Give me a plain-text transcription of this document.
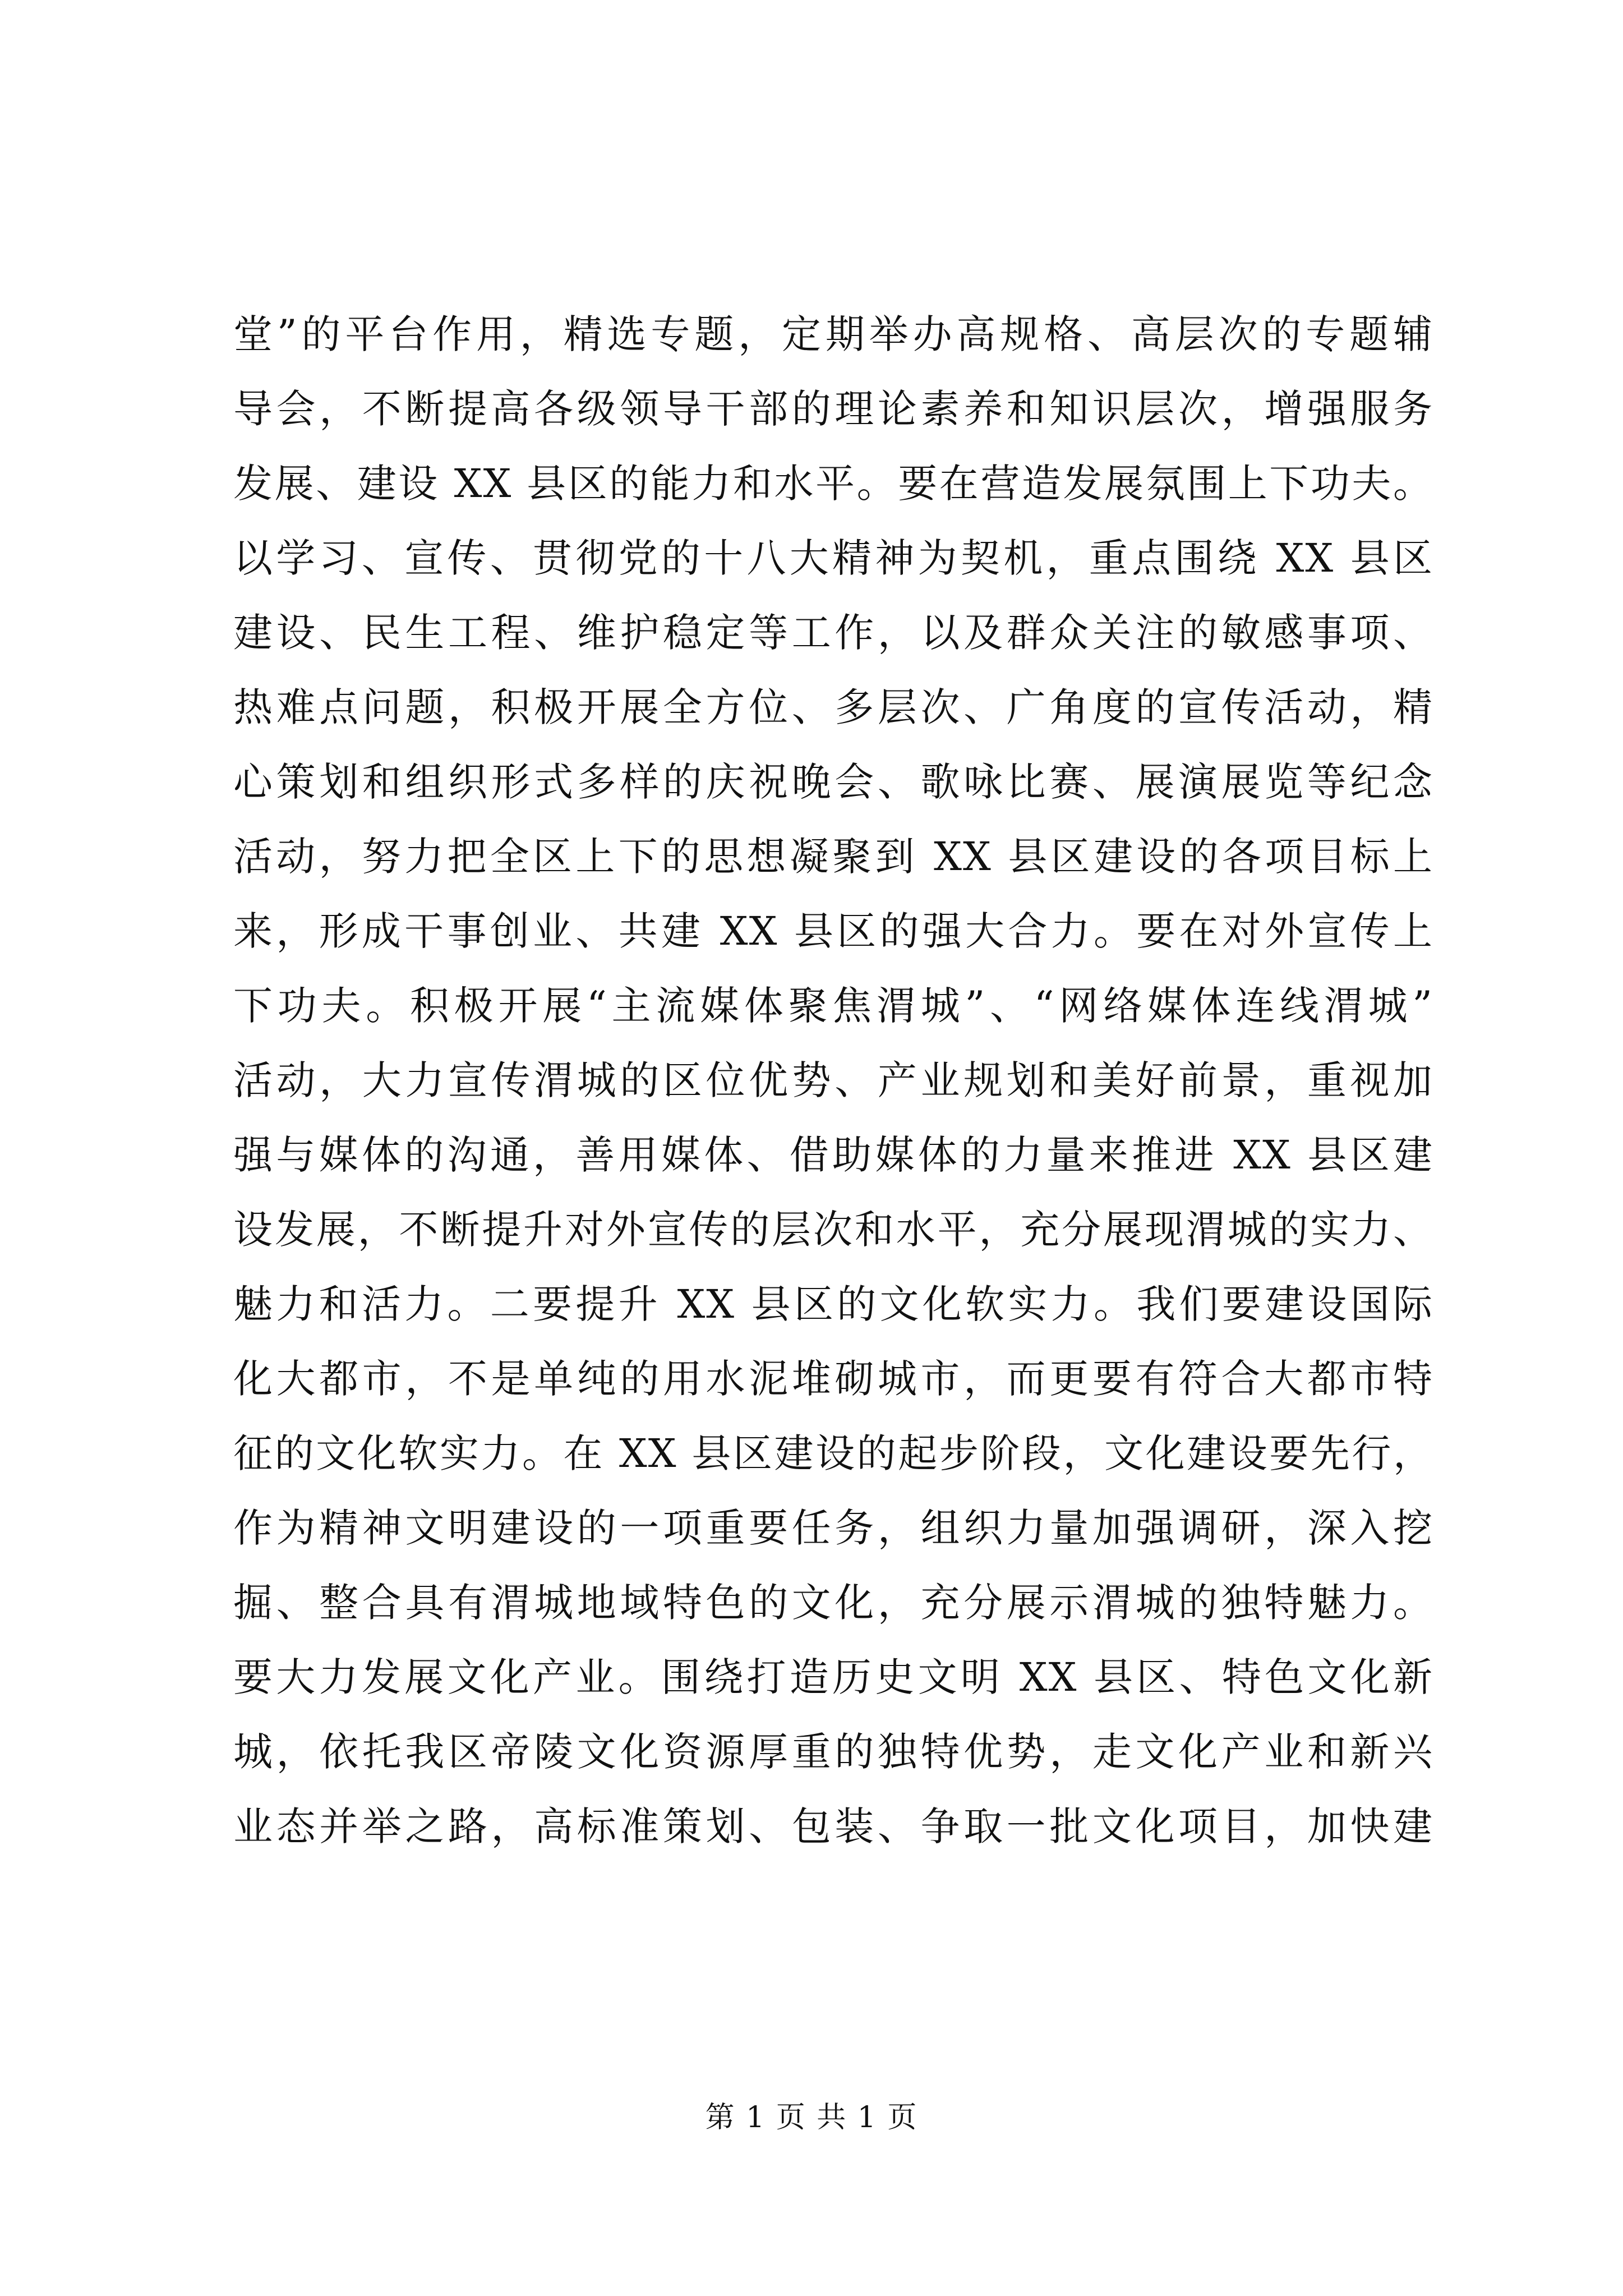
堂”的平台作用，精选专题，定期举办高规格、高层次的专题辅
导会，不断提高各级领导干部的理论素养和知识层次，增强服务
发展、建设 XX 县区的能力和水平。要在营造发展氛围上下功夫。
以学习、宣传、贯彻党的十八大精神为契机，重点围绕 XX 县区
建设、民生工程、维护稳定等工作，以及群众关注的敏感事项、
热难点问题，积极开展全方位、多层次、广角度的宣传活动，精
心策划和组织形式多样的庆祝晚会、歌咏比赛、展演展览等纪念
活动，努力把全区上下的思想凝聚到 XX 县区建设的各项目标上
来，形成干事创业、共建 XX 县区的强大合力。要在对外宣传上
下功夫。积极开展“主流媒体聚焦渭城”、“网络媒体连线渭城”
活动，大力宣传渭城的区位优势、产业规划和美好前景，重视加
强与媒体的沟通，善用媒体、借助媒体的力量来推进 XX 县区建
设发展，不断提升对外宣传的层次和水平，充分展现渭城的实力、
魅力和活力。二要提升 XX 县区的文化软实力。我们要建设国际
化大都市，不是单纯的用水泥堆砌城市，而更要有符合大都市特
征的文化软实力。在 XX 县区建设的起步阶段，文化建设要先行，
作为精神文明建设的一项重要任务，组织力量加强调研，深入挖
掘、整合具有渭城地域特色的文化，充分展示渭城的独特魅力。
要大力发展文化产业。围绕打造历史文明 XX 县区、特色文化新
城，依托我区帝陵文化资源厚重的独特优势，走文化产业和新兴
业态并举之路，高标准策划、包装、争取一批文化项目，加快建
第 1 页 共 1 页
